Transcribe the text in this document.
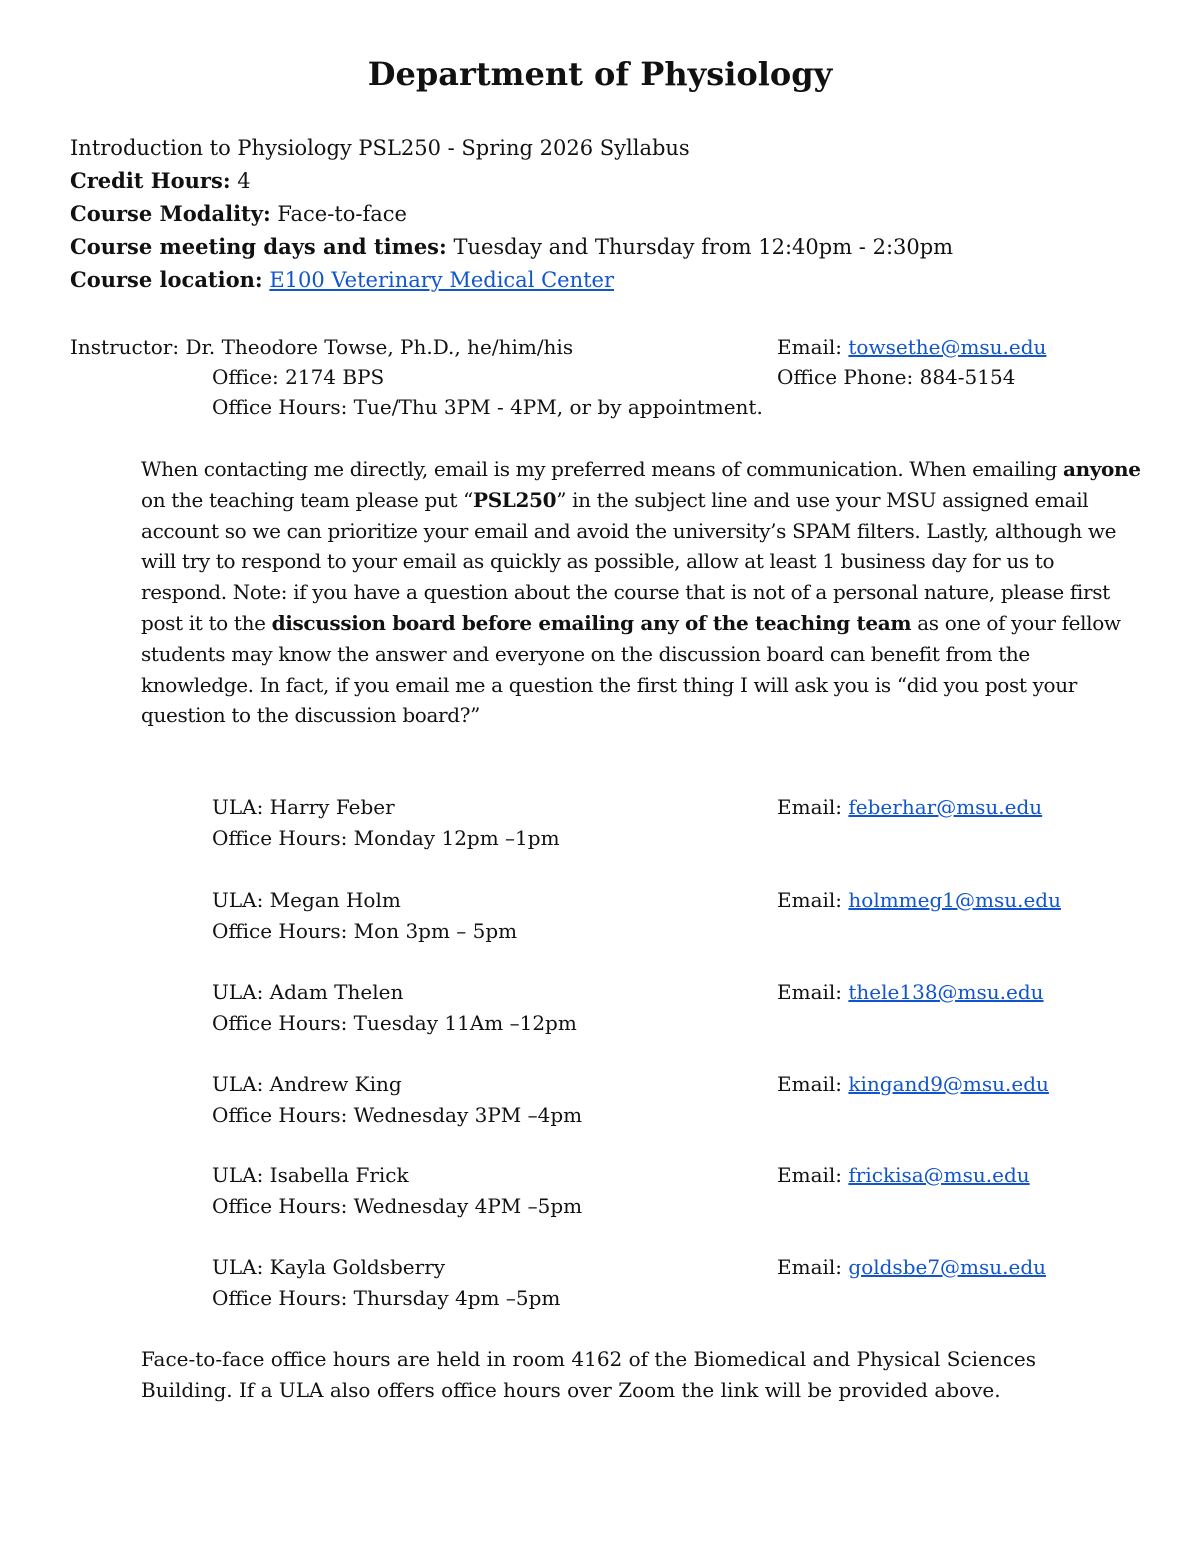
Department of Physiology
Introduction to Physiology PSL250 - Spring 2026 Syllabus
Credit Hours: 4
Course Modality: Face-to-face
Course meeting days and times: Tuesday and Thursday from 12:40pm - 2:30pm
Course location: E100 Veterinary Medical Center
Instructor: Dr. Theodore Towse, Ph.D., he/him/his	Email: towsethe@msu.edu
Office: 2174 BPS	Office Phone: 884-5154
Office Hours: Tue/Thu 3PM - 4PM, or by appointment.
When contacting me directly, email is my preferred means of communication. When emailing anyone on the teaching team please put “PSL250” in the subject line and use your MSU assigned email account so we can prioritize your email and avoid the university’s SPAM filters. Lastly, although we will try to respond to your email as quickly as possible, allow at least 1 business day for us to respond. Note: if you have a question about the course that is not of a personal nature, please first post it to the discussion board before emailing any of the teaching team as one of your fellow students may know the answer and everyone on the discussion board can benefit from the knowledge. In fact, if you email me a question the first thing I will ask you is “did you post your question to the discussion board?”
ULA: Harry Feber	Email: feberhar@msu.edu
Office Hours: Monday 12pm –1pm
ULA: Megan Holm	Email: holmmeg1@msu.edu
Office Hours: Mon 3pm – 5pm
ULA: Adam Thelen	Email: thele138@msu.edu
Office Hours: Tuesday 11Am –12pm
ULA: Andrew King	Email: kingand9@msu.edu
Office Hours: Wednesday 3PM –4pm
ULA: Isabella Frick	Email: frickisa@msu.edu
Office Hours: Wednesday 4PM –5pm
ULA: Kayla Goldsberry	Email: goldsbe7@msu.edu
Office Hours: Thursday 4pm –5pm
Face-to-face office hours are held in room 4162 of the Biomedical and Physical Sciences
Building. If a ULA also offers office hours over Zoom the link will be provided above.
